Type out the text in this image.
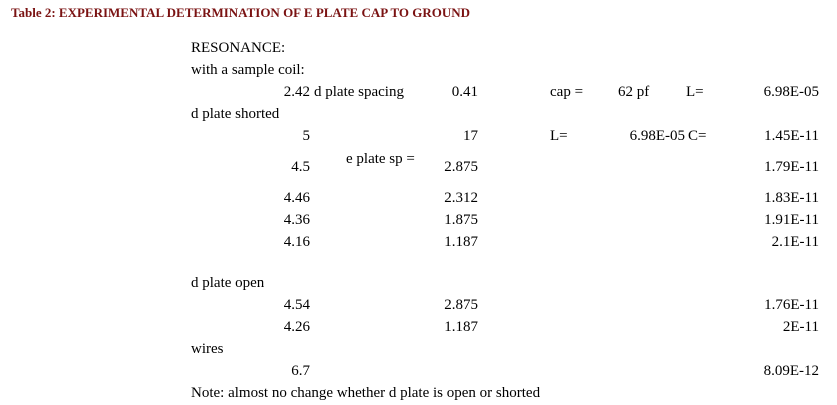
Table 2: EXPERIMENTAL DETERMINATION OF E PLATE CAP TO GROUND
RESONANCE:
with a sample coil:
2.42 d plate spacing	0.41	cap = 62 pf L=	6.98E-05
d plate shorted
5	17	L=	6.98E-05 C=	1.45E-11
e plate sp =
4.5	2.875	1.79E-11
4.46	2.312	1.83E-11
4.36	1.875	1.91E-11
4.16	1.187	2.1E-11
d plate open
4.54	2.875	1.76E-11
4.26	1.187	2E-11
wires
6.7	8.09E-12
Note: almost no change whether d plate is open or shorted
